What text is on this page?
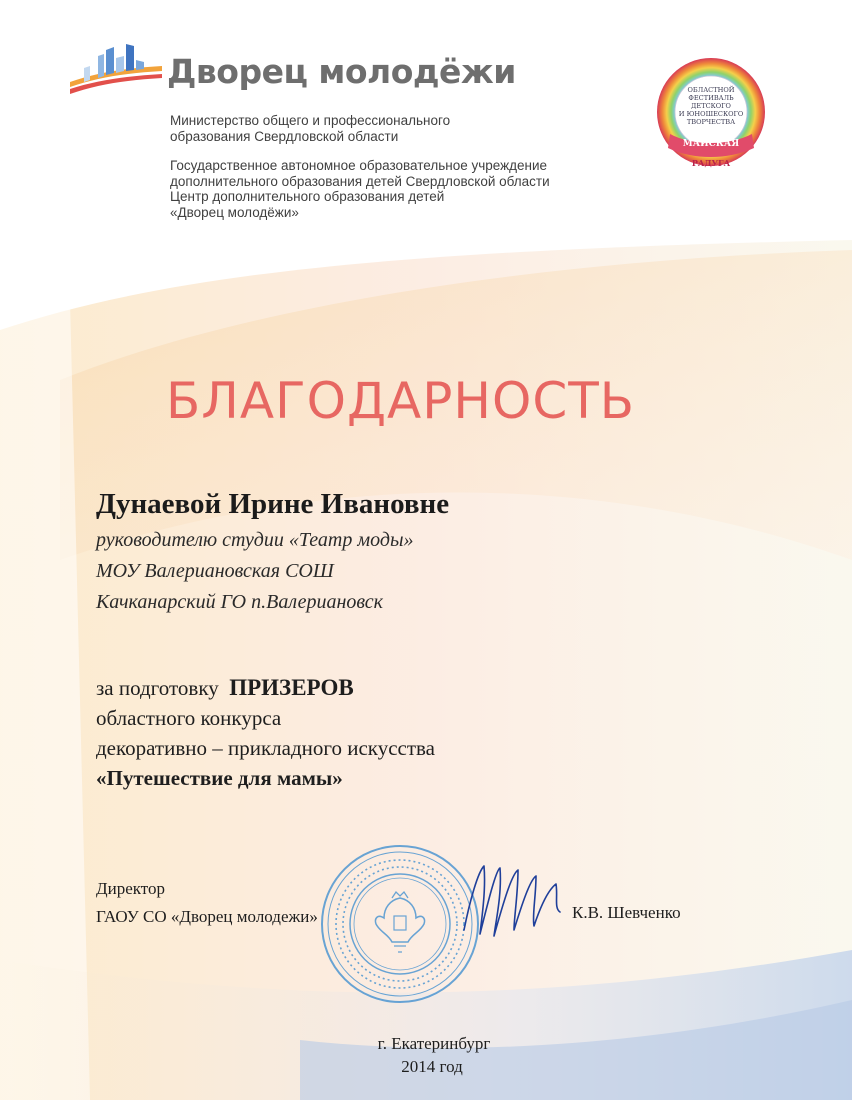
Дворец молодёжи
Министерство общего и профессионального
образования Свердловской области
Государственное автономное образовательное учреждение
дополнительного образования детей Свердловской области
Центр дополнительного образования детей
«Дворец молодёжи»
ОБЛАСТНОЙ
ФЕСТИВАЛЬ
ДЕТСКОГО
И ЮНОШЕСКОГО
ТВОРЧЕСТВА
МАЙСКАЯ
РАДУГА
БЛАГОДАРНОСТЬ
Дунаевой Ирине Ивановне
руководителю студии «Театр моды»
МОУ Валериановская СОШ
Качканарский ГО п.Валериановск
за подготовку ПРИЗЕРОВ
областного конкурса
декоративно – прикладного искусства
«Путешествие для мамы»
Директор
ГАОУ СО «Дворец молодежи»	К.В. Шевченко
г. Екатеринбург
2014 год
